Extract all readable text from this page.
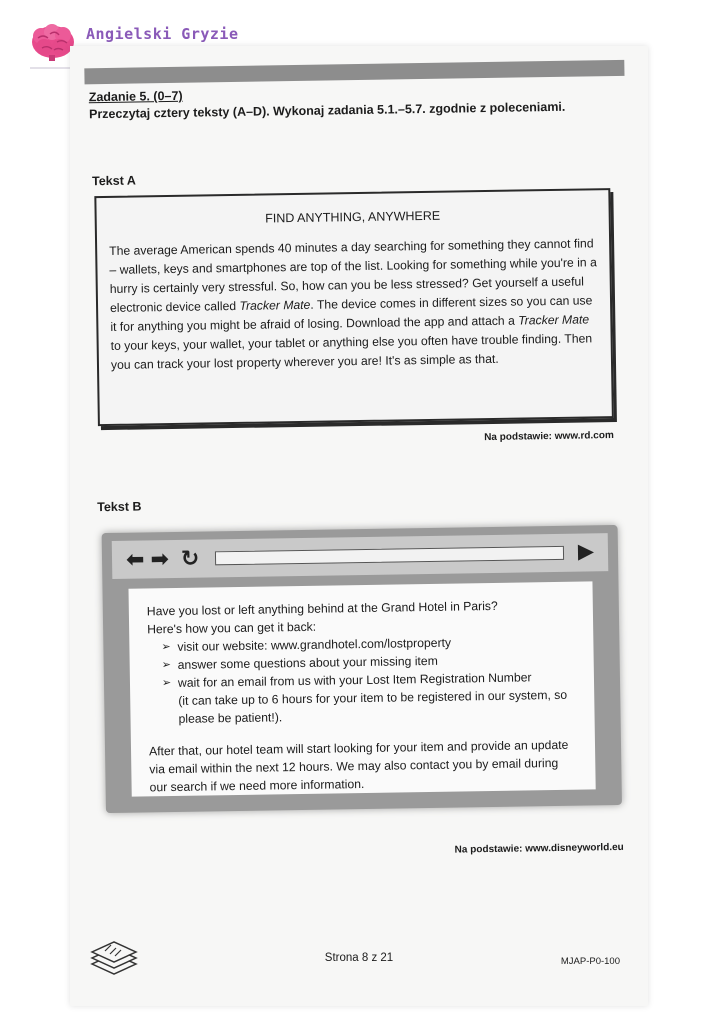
Angielski Gryzie
Zadanie 5. (0–7)
Przeczytaj cztery teksty (A–D). Wykonaj zadania 5.1.–5.7. zgodnie z poleceniami.
Tekst A
FIND ANYTHING, ANYWHERE
The average American spends 40 minutes a day searching for something they cannot find – wallets, keys and smartphones are top of the list. Looking for something while you're in a hurry is certainly very stressful. So, how can you be less stressed? Get yourself a useful electronic device called Tracker Mate. The device comes in different sizes so you can use it for anything you might be afraid of losing. Download the app and attach a Tracker Mate to your keys, your wallet, your tablet or anything else you often have trouble finding. Then you can track your lost property wherever you are! It's as simple as that.
Na podstawie: www.rd.com
Tekst B
⬅ ➡ ↻
Have you lost or left anything behind at the Grand Hotel in Paris?
Here's how you can get it back:
➢ visit our website: www.grandhotel.com/lostproperty
➢ answer some questions about your missing item
➢ wait for an email from us with your Lost Item Registration Number
(it can take up to 6 hours for your item to be registered in our system, so please be patient!).
After that, our hotel team will start looking for your item and provide an update via email within the next 12 hours. We may also contact you by email during our search if we need more information.
Na podstawie: www.disneyworld.eu
Strona 8 z 21	MJAP-P0-100
